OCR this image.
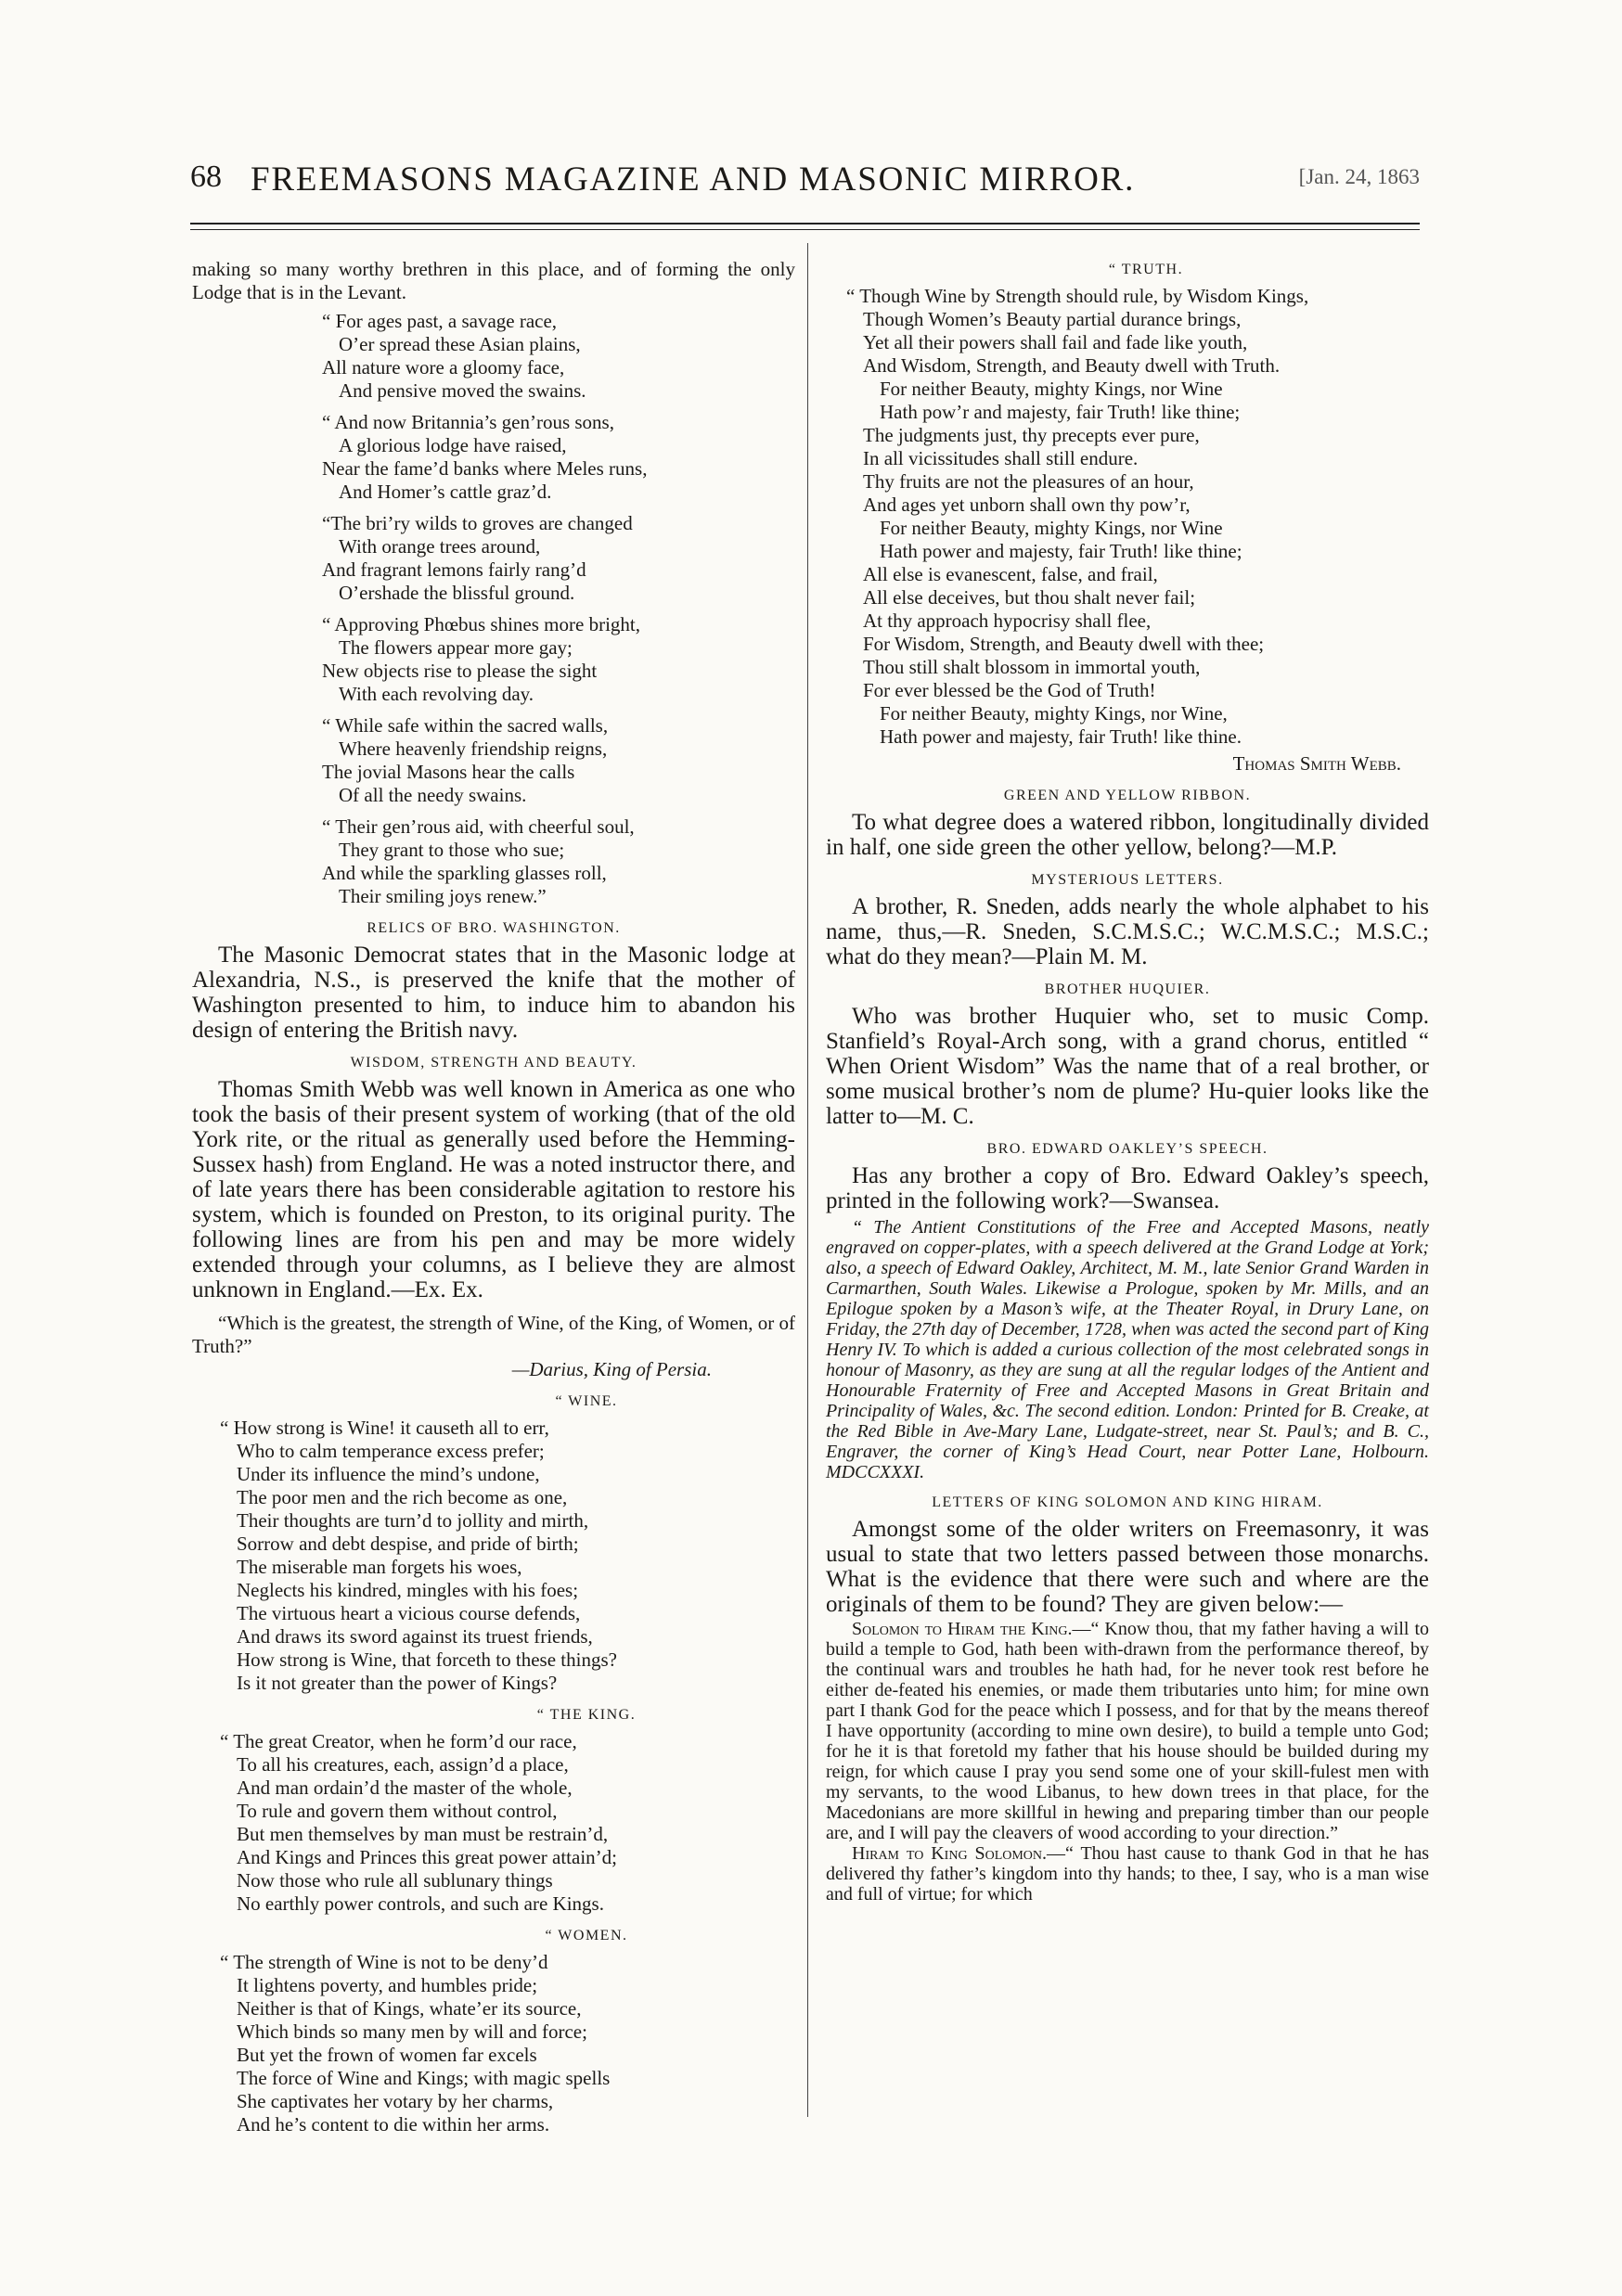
68 FREEMASONS MAGAZINE AND MASONIC MIRROR.	[Jan. 24, 1863

making so many worthy brethren in this place, and of forming the only Lodge that is in the Levant.

“ For ages past, a savage race,
O’er spread these Asian plains,
All nature wore a gloomy face,
And pensive moved the swains.
“ And now Britannia’s gen’rous sons,
A glorious lodge have raised,
Near the fame’d banks where Meles runs,
And Homer’s cattle graz’d.
“The bri’ry wilds to groves are changed
With orange trees around,
And fragrant lemons fairly rang’d
O’ershade the blissful ground.
“ Approving Phœbus shines more bright,
The flowers appear more gay;
New objects rise to please the sight
With each revolving day.
“ While safe within the sacred walls,
Where heavenly friendship reigns,
The jovial Masons hear the calls
Of all the needy swains.
“ Their gen’rous aid, with cheerful soul,
They grant to those who sue;
And while the sparkling glasses roll,
Their smiling joys renew.”
RELICS OF BRO. WASHINGTON.

The Masonic Democrat states that in the Masonic lodge at Alexandria, N.S., is preserved the knife that the mother of Washington presented to him, to induce him to abandon his design of entering the British navy.

WISDOM, STRENGTH AND BEAUTY.

Thomas Smith Webb was well known in America as one who took the basis of their present system of working (that of the old York rite, or the ritual as generally used before the Hemming-Sussex hash) from England. He was a noted instructor there, and of late years there has been considerable agitation to restore his system, which is founded on Preston, to its original purity. The following lines are from his pen and may be more widely extended through your columns, as I believe they are almost unknown in England.—Ex. Ex.

“Which is the greatest, the strength of Wine, of the King, of Women, or of Truth?”

—Darius, King of Persia.
“ WINE.
“ How strong is Wine! it causeth all to err,
Who to calm temperance excess prefer;
Under its influence the mind’s undone,
The poor men and the rich become as one,
Their thoughts are turn’d to jollity and mirth,
Sorrow and debt despise, and pride of birth;
The miserable man forgets his woes,
Neglects his kindred, mingles with his foes;
The virtuous heart a vicious course defends,
And draws its sword against its truest friends,
How strong is Wine, that forceth to these things?
Is it not greater than the power of Kings?
“ THE KING.
“ The great Creator, when he form’d our race,
To all his creatures, each, assign’d a place,
And man ordain’d the master of the whole,
To rule and govern them without control,
But men themselves by man must be restrain’d,
And Kings and Princes this great power attain’d;
Now those who rule all sublunary things
No earthly power controls, and such are Kings.
“ WOMEN.
“ The strength of Wine is not to be deny’d
It lightens poverty, and humbles pride;
Neither is that of Kings, whate’er its source,
Which binds so many men by will and force;
But yet the frown of women far excels
The force of Wine and Kings; with magic spells
She captivates her votary by her charms,
And he’s content to die within her arms.
“ TRUTH.
“ Though Wine by Strength should rule, by Wisdom Kings,
Though Women’s Beauty partial durance brings,
Yet all their powers shall fail and fade like youth,
And Wisdom, Strength, and Beauty dwell with Truth.
For neither Beauty, mighty Kings, nor Wine
Hath pow’r and majesty, fair Truth! like thine;
The judgments just, thy precepts ever pure,
In all vicissitudes shall still endure.
Thy fruits are not the pleasures of an hour,
And ages yet unborn shall own thy pow’r,
For neither Beauty, mighty Kings, nor Wine
Hath power and majesty, fair Truth! like thine;
All else is evanescent, false, and frail,
All else deceives, but thou shalt never fail;
At thy approach hypocrisy shall flee,
For Wisdom, Strength, and Beauty dwell with thee;
Thou still shalt blossom in immortal youth,
For ever blessed be the God of Truth!
For neither Beauty, mighty Kings, nor Wine,
Hath power and majesty, fair Truth! like thine.
Thomas Smith Webb.
GREEN AND YELLOW RIBBON.

To what degree does a watered ribbon, longitudinally divided in half, one side green the other yellow, belong?—M.P.

MYSTERIOUS LETTERS.

A brother, R. Sneden, adds nearly the whole alphabet to his name, thus,—R. Sneden, S.C.M.S.C.; W.C.M.S.C.; M.S.C.; what do they mean?—Plain M. M.

BROTHER HUQUIER.

Who was brother Huquier who, set to music Comp. Stanfield’s Royal-Arch song, with a grand chorus, entitled “ When Orient Wisdom” Was the name that of a real brother, or some musical brother’s nom de plume? Hu-quier looks like the latter to—M. C.

BRO. EDWARD OAKLEY’S SPEECH.

Has any brother a copy of Bro. Edward Oakley’s speech, printed in the following work?—Swansea.

“ The Antient Constitutions of the Free and Accepted Masons, neatly engraved on copper-plates, with a speech delivered at the Grand Lodge at York; also, a speech of Edward Oakley, Architect, M. M., late Senior Grand Warden in Carmarthen, South Wales. Likewise a Prologue, spoken by Mr. Mills, and an Epilogue spoken by a Mason’s wife, at the Theater Royal, in Drury Lane, on Friday, the 27th day of December, 1728, when was acted the second part of King Henry IV. To which is added a curious collection of the most celebrated songs in honour of Masonry, as they are sung at all the regular lodges of the Antient and Honourable Fraternity of Free and Accepted Masons in Great Britain and Principality of Wales, &c. The second edition. London: Printed for B. Creake, at the Red Bible in Ave-Mary Lane, Ludgate-street, near St. Paul’s; and B. C., Engraver, the corner of King’s Head Court, near Potter Lane, Holbourn. MDCCXXXI.

LETTERS OF KING SOLOMON AND KING HIRAM.

Amongst some of the older writers on Freemasonry, it was usual to state that two letters passed between those monarchs. What is the evidence that there were such and where are the originals of them to be found? They are given below:—

Solomon to Hiram the King.—“ Know thou, that my father having a will to build a temple to God, hath been with-drawn from the performance thereof, by the continual wars and troubles he hath had, for he never took rest before he either de-feated his enemies, or made them tributaries unto him; for mine own part I thank God for the peace which I possess, and for that by the means thereof I have opportunity (according to mine own desire), to build a temple unto God; for he it is that foretold my father that his house should be builded during my reign, for which cause I pray you send some one of your skill-fulest men with my servants, to the wood Libanus, to hew down trees in that place, for the Macedonians are more skillful in hewing and preparing timber than our people are, and I will pay the cleavers of wood according to your direction.”

Hiram to King Solomon.—“ Thou hast cause to thank God in that he has delivered thy father’s kingdom into thy hands; to thee, I say, who is a man wise and full of virtue; for which
